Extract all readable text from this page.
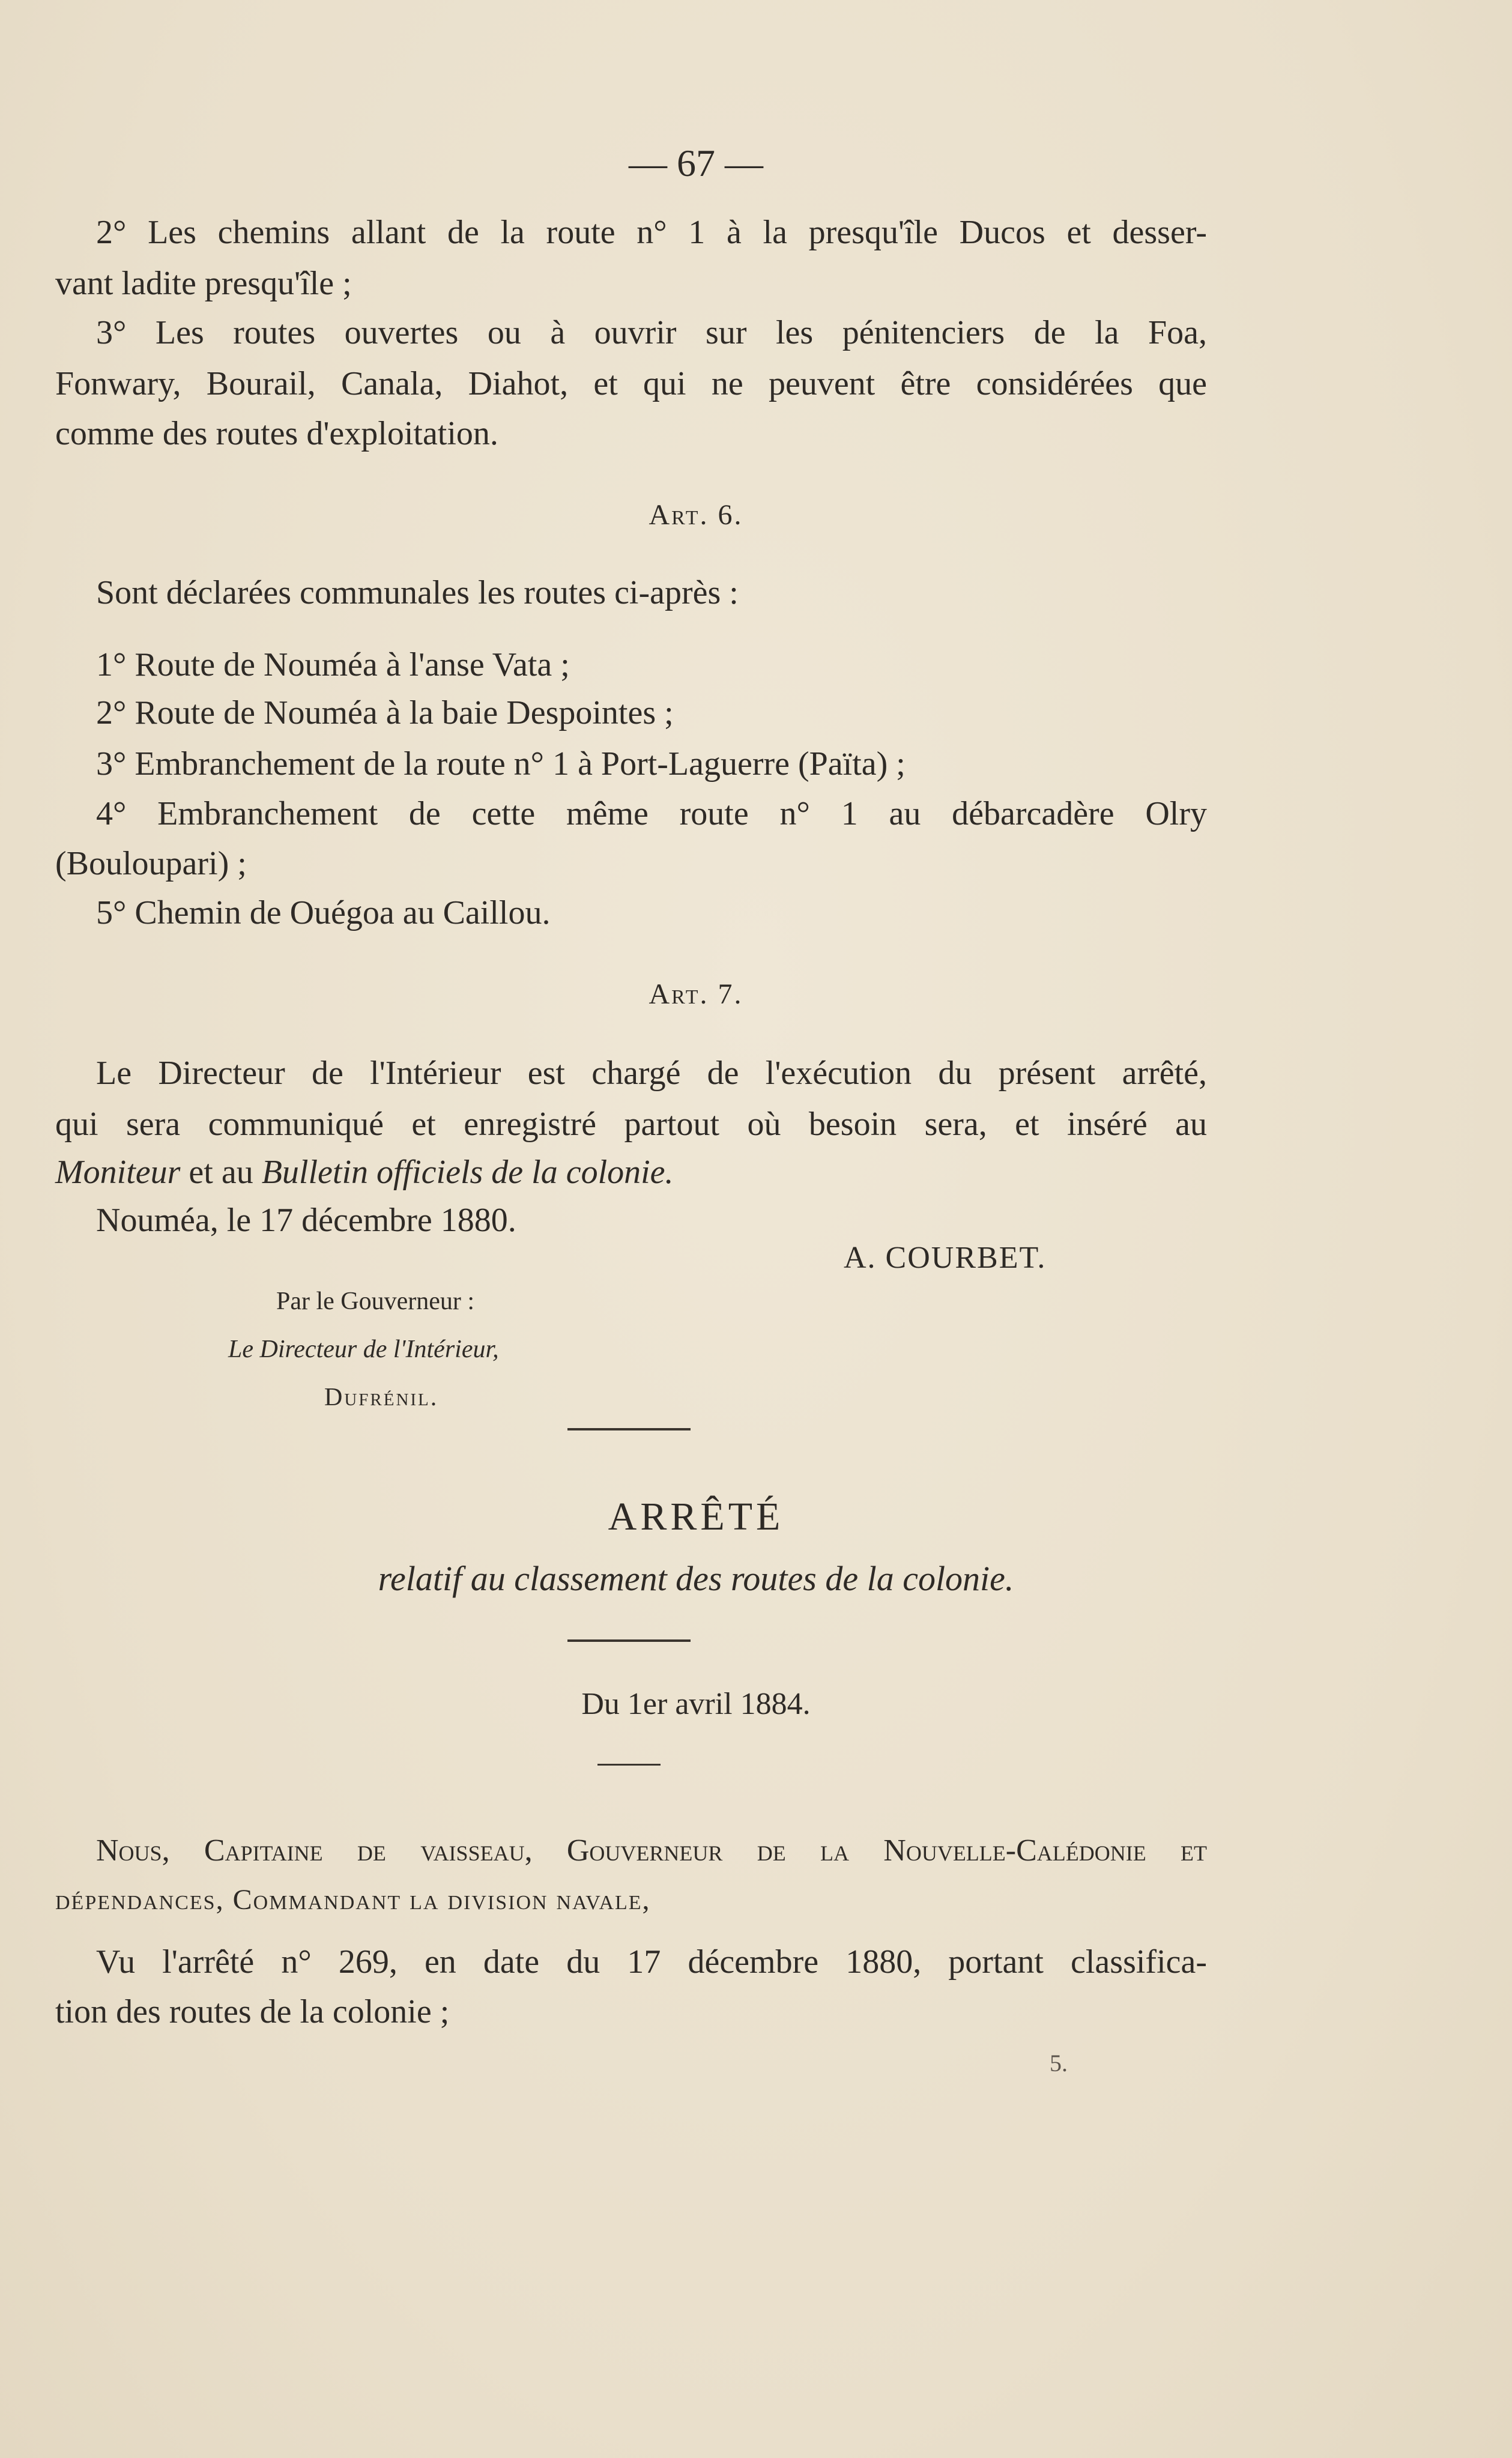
— 67 —
2° Les chemins allant de la route n° 1 à la presqu'île Ducos et desser-
vant ladite presqu'île ;
3° Les routes ouvertes ou à ouvrir sur les pénitenciers de la Foa,
Fonwary, Bourail, Canala, Diahot, et qui ne peuvent être considérées que
comme des routes d'exploitation.
Art. 6.
Sont déclarées communales les routes ci-après :
1° Route de Nouméa à l'anse Vata ;
2° Route de Nouméa à la baie Despointes ;
3° Embranchement de la route n° 1 à Port-Laguerre (Païta) ;
4° Embranchement de cette même route n° 1 au débarcadère Olry
(Bouloupari) ;
5° Chemin de Ouégoa au Caillou.
Art. 7.
Le Directeur de l'Intérieur est chargé de l'exécution du présent arrêté,
qui sera communiqué et enregistré partout où besoin sera, et inséré au
Moniteur et au Bulletin officiels de la colonie.
Nouméa, le 17 décembre 1880.
A. COURBET.
Par le Gouverneur :
Le Directeur de l'Intérieur,
Dufrénil.
ARRÊTÉ
relatif au classement des routes de la colonie.
Du 1er avril 1884.
Nous, Capitaine de vaisseau, Gouverneur de la Nouvelle-Calédonie et
dépendances, Commandant la division navale,
Vu l'arrêté n° 269, en date du 17 décembre 1880, portant classifica-
tion des routes de la colonie ;
5.
